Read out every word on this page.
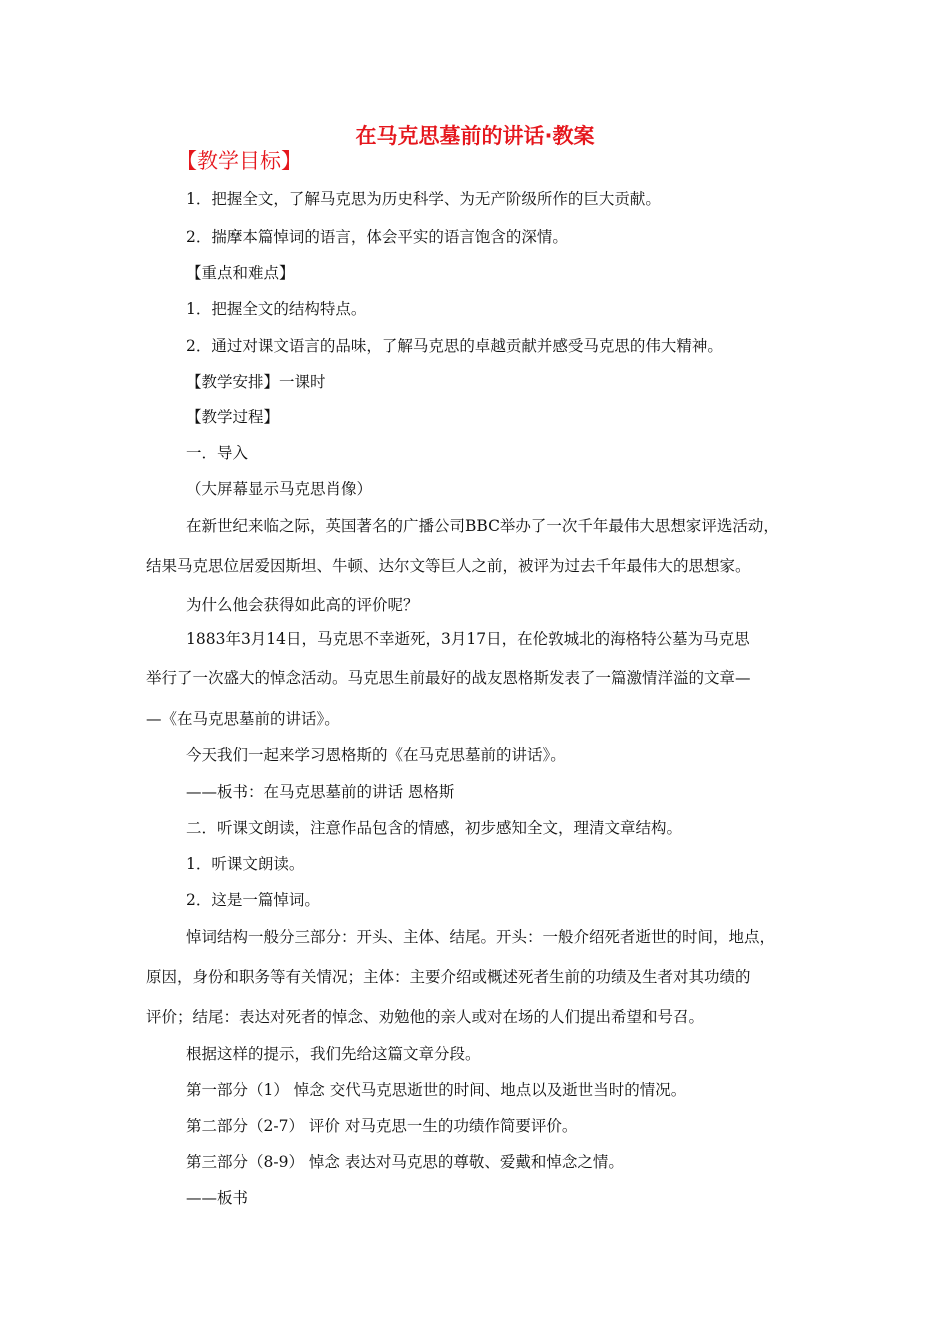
在马克思墓前的讲话·教案
【教学目标】
1．把握全文，了解马克思为历史科学、为无产阶级所作的巨大贡献。
2．揣摩本篇悼词的语言，体会平实的语言饱含的深情。
【重点和难点】
1．把握全文的结构特点。
2．通过对课文语言的品味，了解马克思的卓越贡献并感受马克思的伟大精神。
【教学安排】一课时
【教学过程】
一．导入
（大屏幕显示马克思肖像）
在新世纪来临之际，英国著名的广播公司BBC举办了一次千年最伟大思想家评选活动，
结果马克思位居爱因斯坦、牛顿、达尔文等巨人之前，被评为过去千年最伟大的思想家。
为什么他会获得如此高的评价呢？
1883年3月14日，马克思不幸逝死，3月17日，在伦敦城北的海格特公墓为马克思
举行了一次盛大的悼念活动。马克思生前最好的战友恩格斯发表了一篇激情洋溢的文章—
—《在马克思墓前的讲话》。
今天我们一起来学习恩格斯的《在马克思墓前的讲话》。
——板书：在马克思墓前的讲话 恩格斯
二．听课文朗读，注意作品包含的情感，初步感知全文，理清文章结构。
1．听课文朗读。
2．这是一篇悼词。
悼词结构一般分三部分：开头、主体、结尾。开头：一般介绍死者逝世的时间，地点，
原因，身份和职务等有关情况；主体：主要介绍或概述死者生前的功绩及生者对其功绩的
评价；结尾：表达对死者的悼念、劝勉他的亲人或对在场的人们提出希望和号召。
根据这样的提示，我们先给这篇文章分段。
第一部分（1） 悼念 交代马克思逝世的时间、地点以及逝世当时的情况。
第二部分（2-7） 评价 对马克思一生的功绩作简要评价。
第三部分（8-9） 悼念 表达对马克思的尊敬、爱戴和悼念之情。
——板书
